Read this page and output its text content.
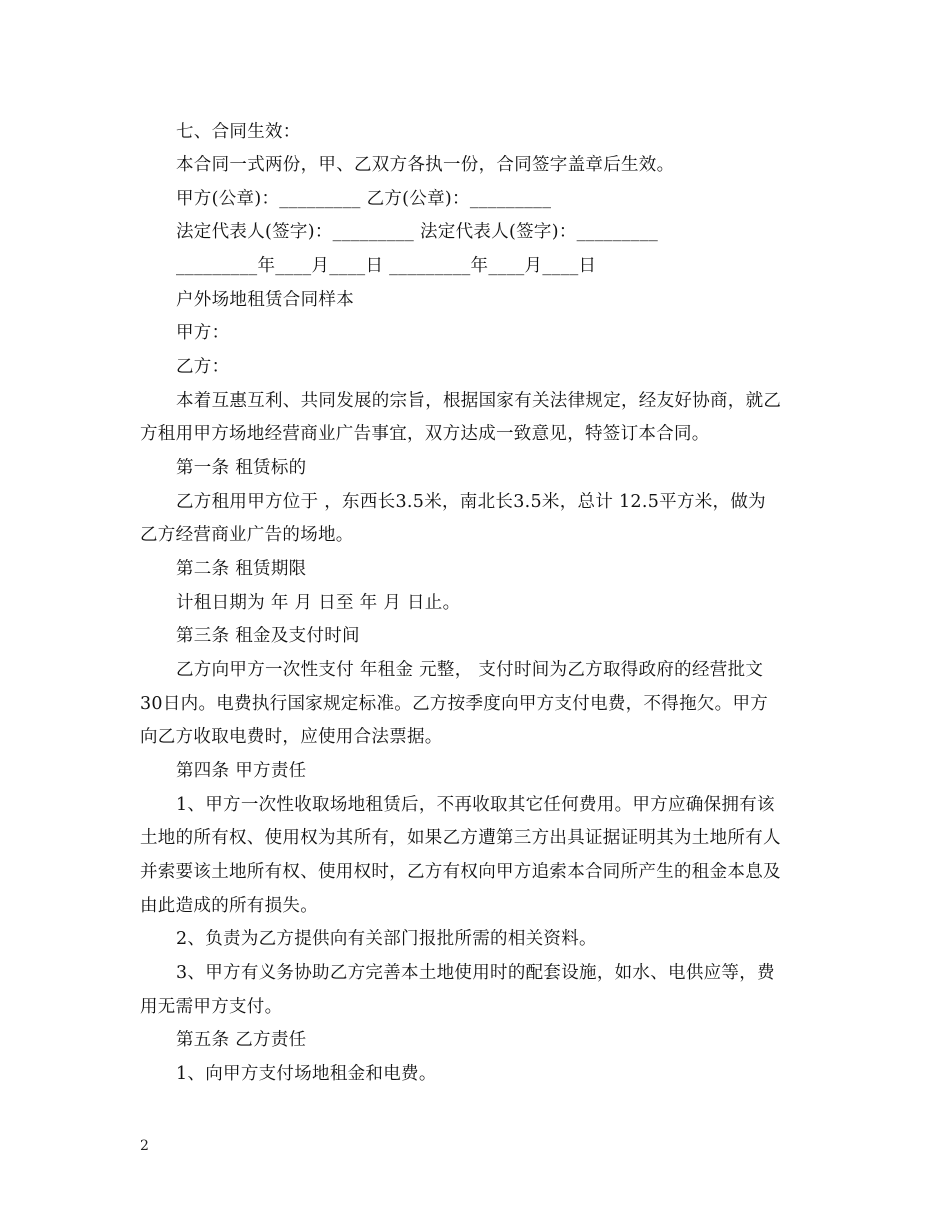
七、合同生效：
本合同一式两份，甲、乙双方各执一份，合同签字盖章后生效。
甲方(公章)：_________ 乙方(公章)：_________
法定代表人(签字)：_________ 法定代表人(签字)：_________
_________年____月____日 _________年____月____日
户外场地租赁合同样本
甲方：
乙方：
本着互惠互利、共同发展的宗旨，根据国家有关法律规定，经友好协商，就乙
方租用甲方场地经营商业广告事宜，双方达成一致意见，特签订本合同。
第一条 租赁标的
乙方租用甲方位于 ，东西长3.5米，南北长3.5米，总计 12.5平方米，做为
乙方经营商业广告的场地。
第二条 租赁期限
计租日期为 年 月 日至 年 月 日止。
第三条 租金及支付时间
乙方向甲方一次性支付 年租金 元整， 支付时间为乙方取得政府的经营批文
30日内。电费执行国家规定标准。乙方按季度向甲方支付电费，不得拖欠。甲方
向乙方收取电费时，应使用合法票据。
第四条 甲方责任
1、甲方一次性收取场地租赁后，不再收取其它任何费用。甲方应确保拥有该
土地的所有权、使用权为其所有，如果乙方遭第三方出具证据证明其为土地所有人
并索要该土地所有权、使用权时，乙方有权向甲方追索本合同所产生的租金本息及
由此造成的所有损失。
2、负责为乙方提供向有关部门报批所需的相关资料。
3、甲方有义务协助乙方完善本土地使用时的配套设施，如水、电供应等，费
用无需甲方支付。
第五条 乙方责任
1、向甲方支付场地租金和电费。
2
